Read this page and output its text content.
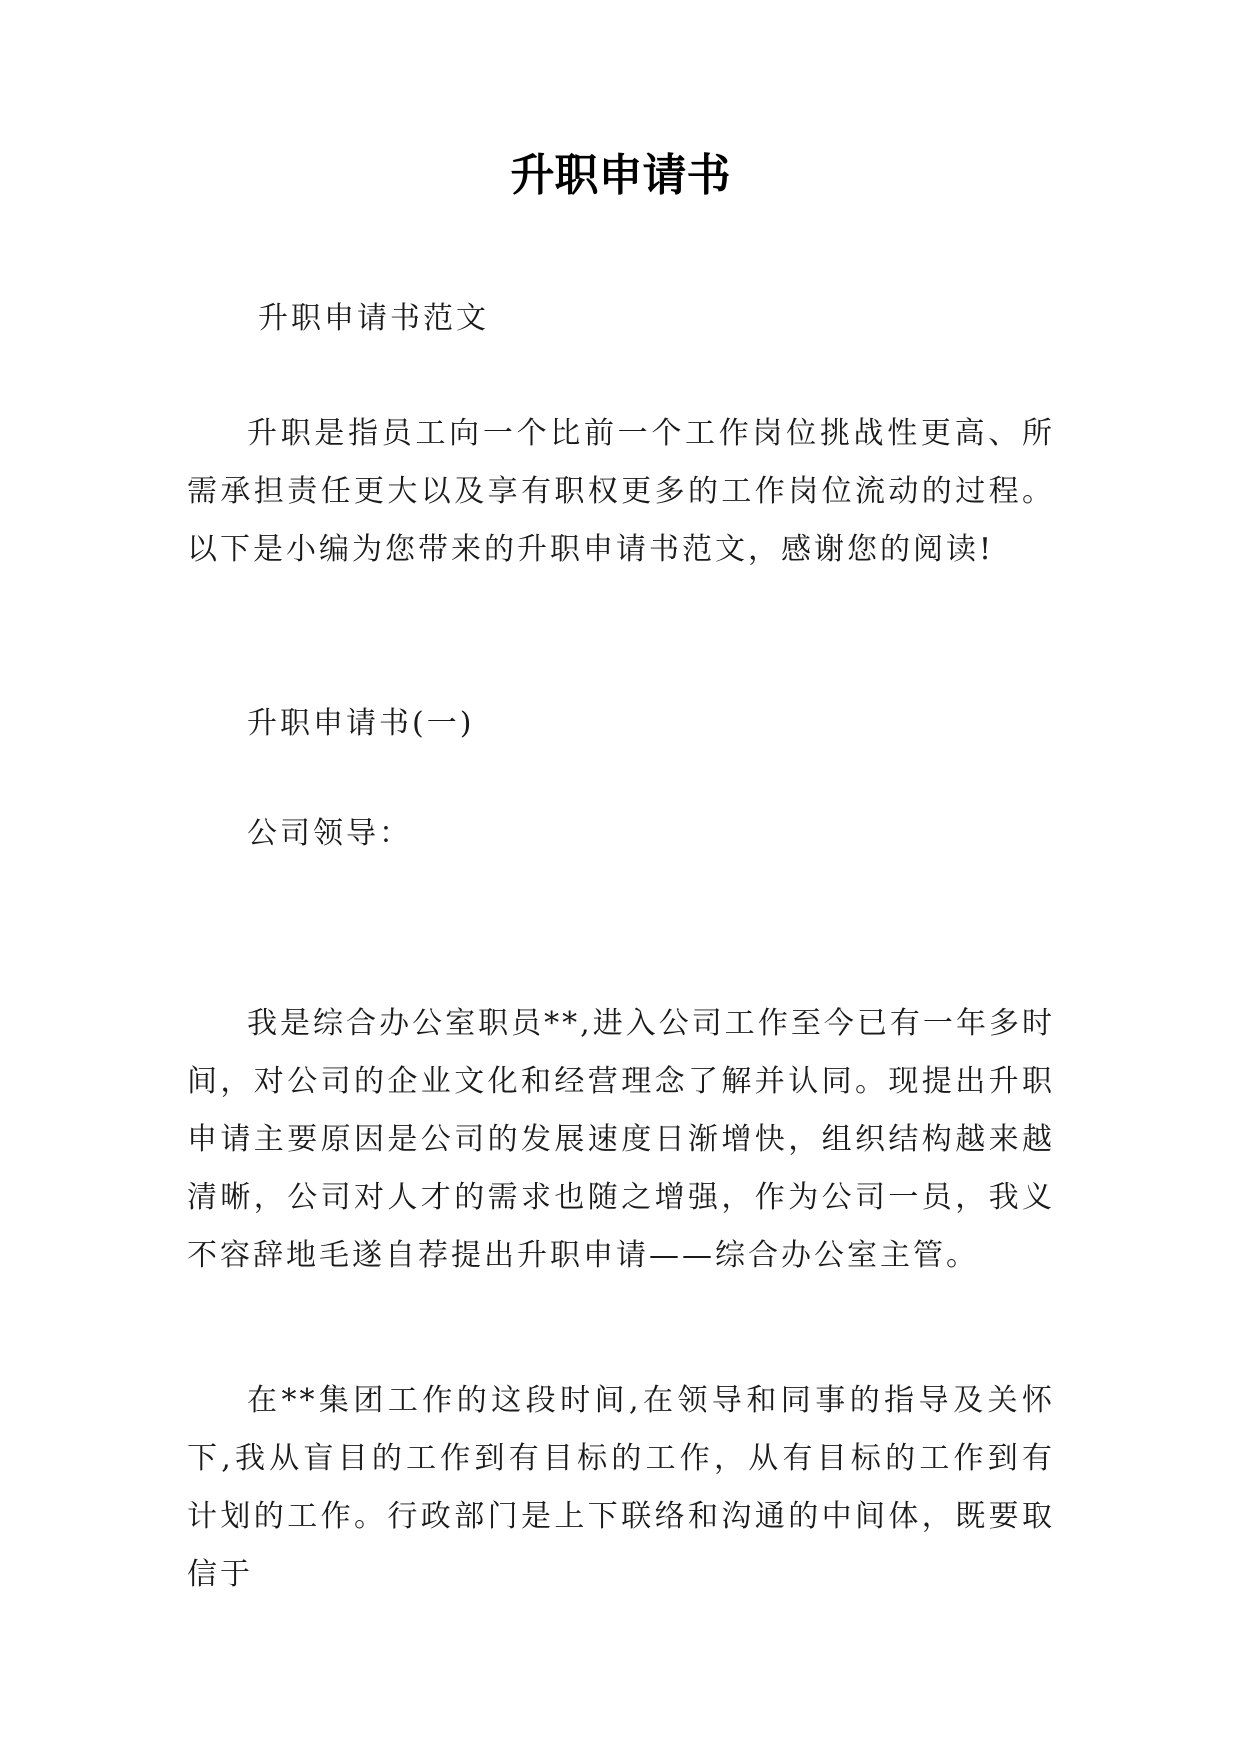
升职申请书

升职申请书范文

升职是指员工向一个比前一个工作岗位挑战性更高、所需承担责任更大以及享有职权更多的工作岗位流动的过程。以下是小编为您带来的升职申请书范文，感谢您的阅读!

升职申请书(一)

公司领导：

我是综合办公室职员**,进入公司工作至今已有一年多时间，对公司的企业文化和经营理念了解并认同。现提出升职申请主要原因是公司的发展速度日渐增快，组织结构越来越清晰，公司对人才的需求也随之增强，作为公司一员，我义不容辞地毛遂自荐提出升职申请——综合办公室主管。

在**集团工作的这段时间,在领导和同事的指导及关怀下,我从盲目的工作到有目标的工作，从有目标的工作到有计划的工作。行政部门是上下联络和沟通的中间体，既要取信于
